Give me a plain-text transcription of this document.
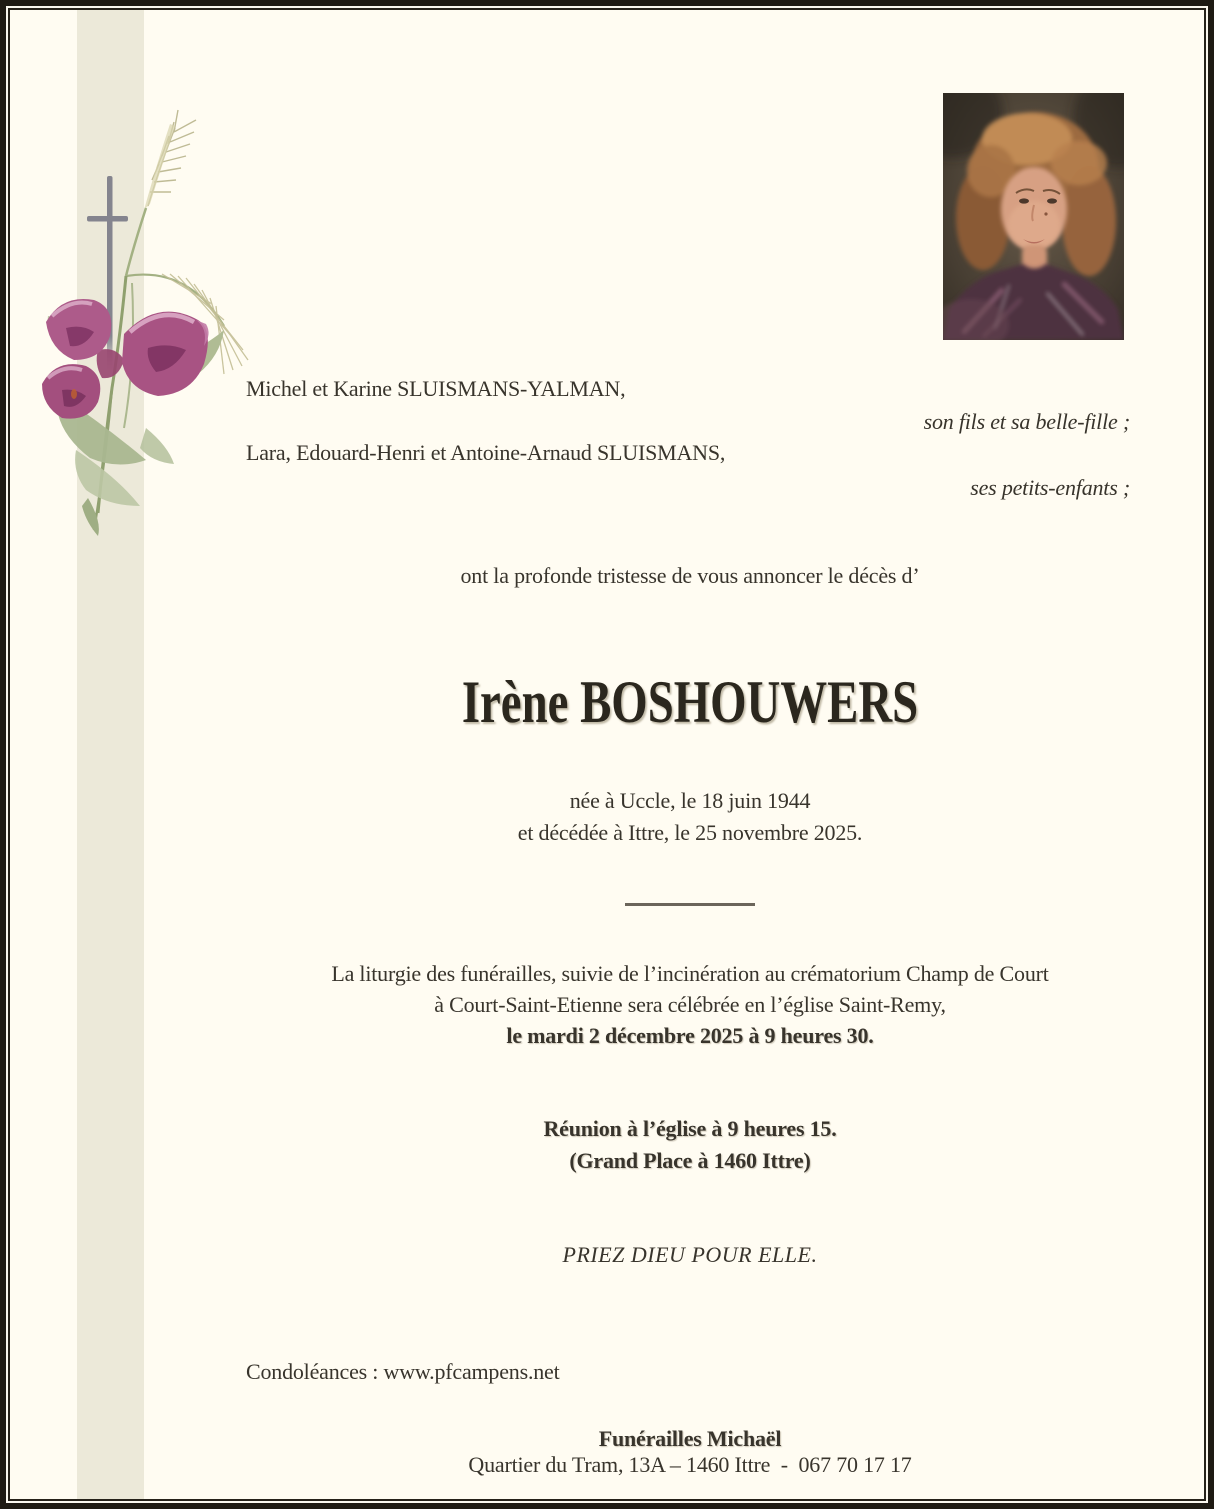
Michel et Karine SLUISMANS-YALMAN,
son fils et sa belle-fille ;
Lara, Edouard-Henri et Antoine-Arnaud SLUISMANS,
ses petits-enfants ;
ont la profonde tristesse de vous annoncer le décès d’
Irène BOSHOUWERS
née à Uccle, le 18 juin 1944
et décédée à Ittre, le 25 novembre 2025.
La liturgie des funérailles, suivie de l’incinération au crématorium Champ de Court
à Court-Saint-Etienne sera célébrée en l’église Saint-Remy,
le mardi 2 décembre 2025 à 9 heures 30.
Réunion à l’église à 9 heures 15.
(Grand Place à 1460 Ittre)
PRIEZ DIEU POUR ELLE.
Condoléances : www.pfcampens.net
Funérailles Michaël
Quartier du Tram, 13A – 1460 Ittre  -  067 70 17 17
